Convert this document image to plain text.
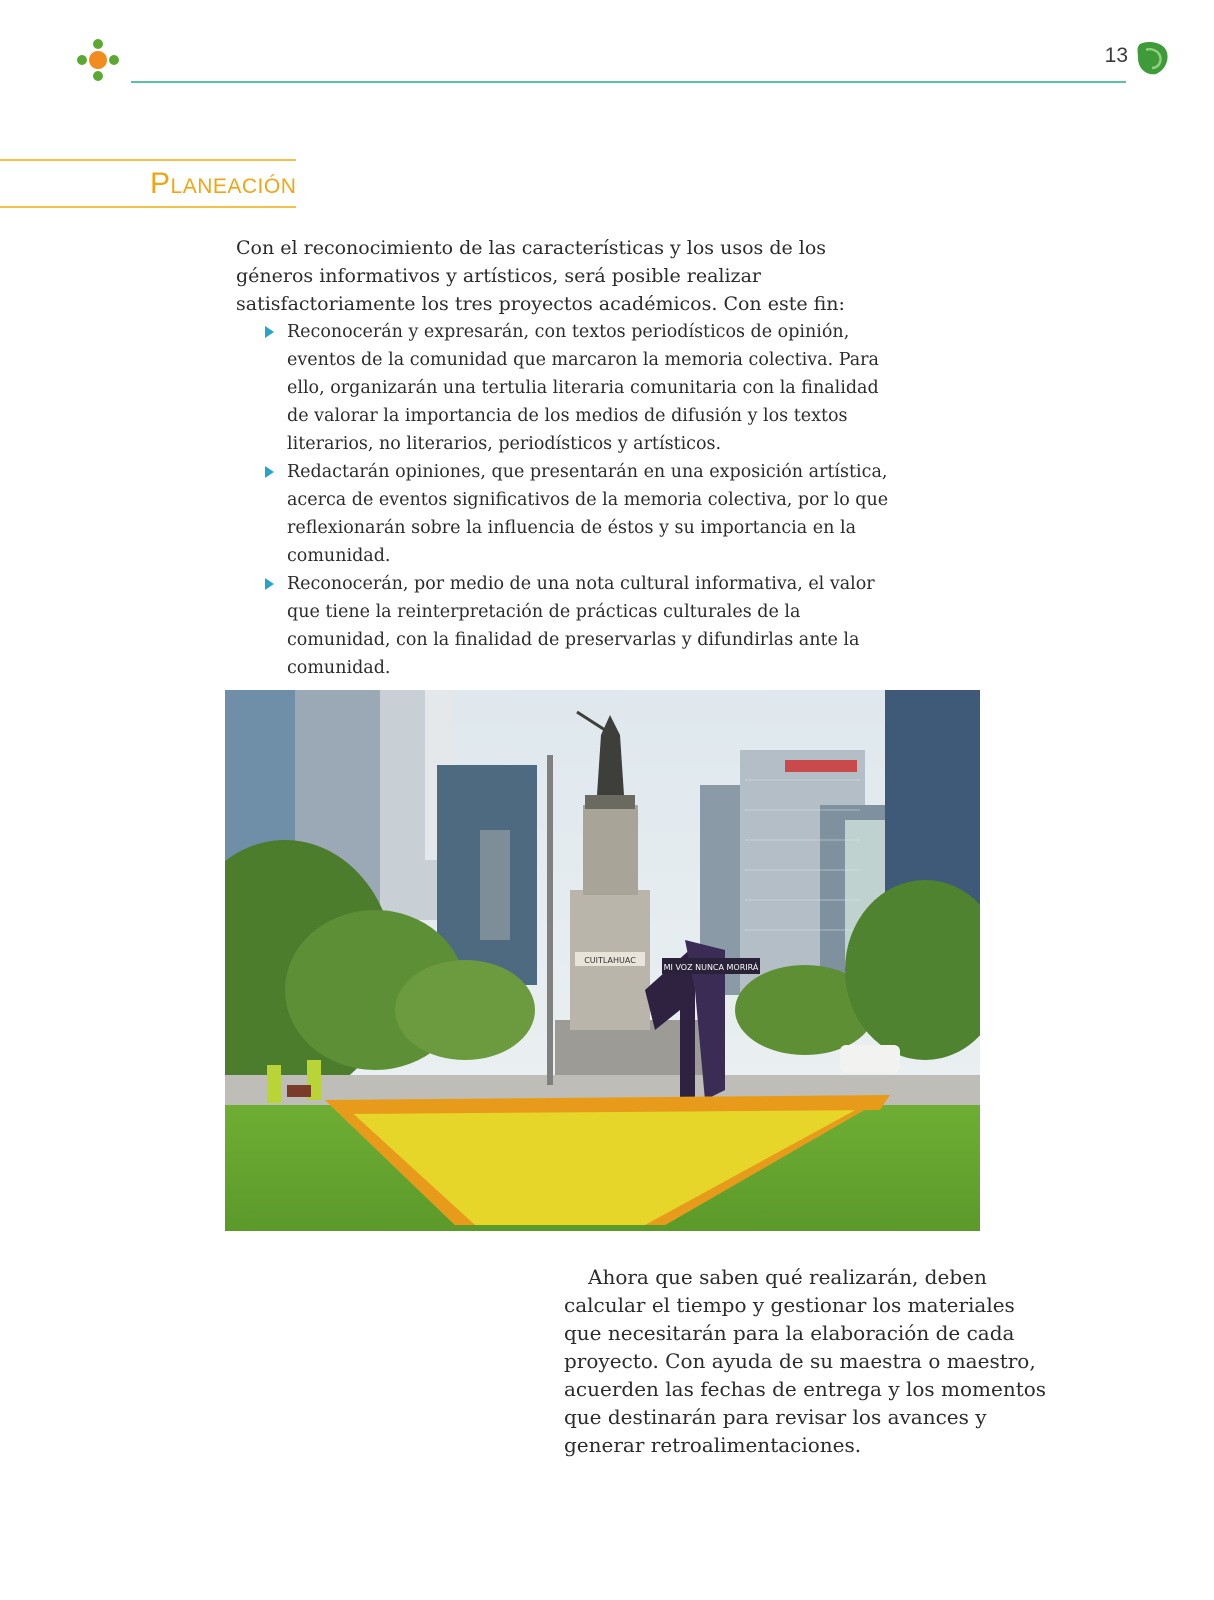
13
Planeación

Con el reconocimiento de las características y los usos de los géneros informativos y artísticos, será posible realizar satisfactoriamente los tres proyectos académicos. Con este fin:

Reconocerán y expresarán, con textos periodísticos de opinión, eventos de la comunidad que marcaron la memoria colectiva. Para ello, organizarán una tertulia literaria comunitaria con la finalidad de valorar la importancia de los medios de difusión y los textos literarios, no literarios, periodísticos y artísticos.
Redactarán opiniones, que presentarán en una exposición artística, acerca de eventos significativos de la memoria colectiva, por lo que reflexionarán sobre la influencia de éstos y su importancia en la comunidad.
Reconocerán, por medio de una nota cultural informativa, el valor que tiene la reinterpretación de prácticas culturales de la comunidad, con la finalidad de preservarlas y difundirlas ante la comunidad.
CUITLAHUAC
MI VOZ NUNCA MORIRÁ

Ahora que saben qué realizarán, deben calcular el tiempo y gestionar los materiales que necesitarán para la elaboración de cada proyecto. Con ayuda de su maestra o maestro, acuerden las fechas de entrega y los momentos que destinarán para revisar los avances y generar retroalimentaciones.
